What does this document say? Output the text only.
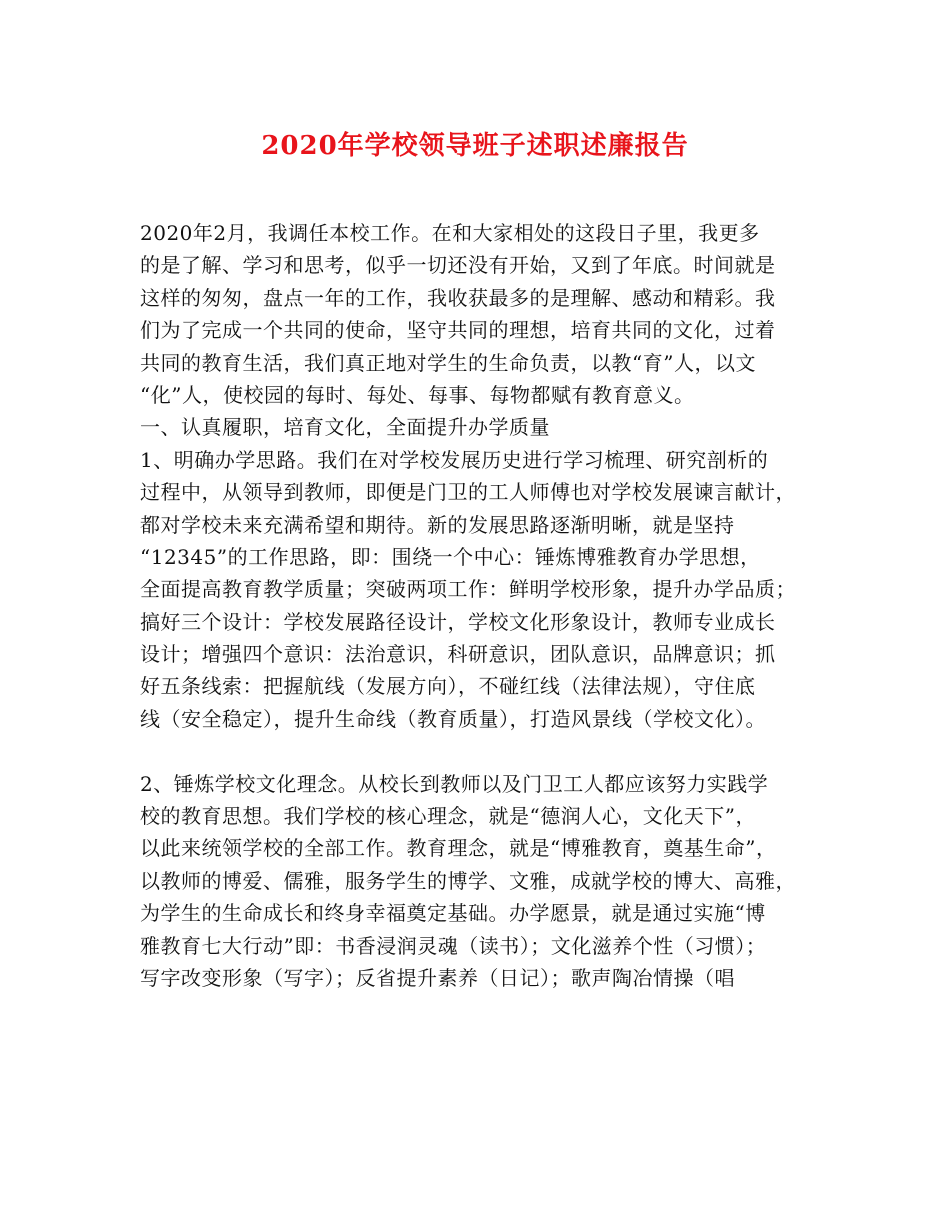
2020年学校领导班子述职述廉报告
2020年2月，我调任本校工作。在和大家相处的这段日子里，我更多
的是了解、学习和思考，似乎一切还没有开始，又到了年底。时间就是
这样的匆匆，盘点一年的工作，我收获最多的是理解、感动和精彩。我
们为了完成一个共同的使命，坚守共同的理想，培育共同的文化，过着
共同的教育生活，我们真正地对学生的生命负责，以教“育”人，以文
“化”人，使校园的每时、每处、每事、每物都赋有教育意义。
一、认真履职，培育文化，全面提升办学质量
1、明确办学思路。我们在对学校发展历史进行学习梳理、研究剖析的
过程中，从领导到教师，即便是门卫的工人师傅也对学校发展谏言献计，
都对学校未来充满希望和期待。新的发展思路逐渐明晰，就是坚持
“12345”的工作思路，即：围绕一个中心：锤炼博雅教育办学思想，
全面提高教育教学质量；突破两项工作：鲜明学校形象，提升办学品质；
搞好三个设计：学校发展路径设计，学校文化形象设计，教师专业成长
设计；增强四个意识：法治意识，科研意识，团队意识，品牌意识；抓
好五条线索：把握航线（发展方向），不碰红线（法律法规），守住底
线（安全稳定），提升生命线（教育质量），打造风景线（学校文化）。
2、锤炼学校文化理念。从校长到教师以及门卫工人都应该努力实践学
校的教育思想。我们学校的核心理念，就是“德润人心，文化天下”，
以此来统领学校的全部工作。教育理念，就是“博雅教育，奠基生命”，
以教师的博爱、儒雅，服务学生的博学、文雅，成就学校的博大、高雅，
为学生的生命成长和终身幸福奠定基础。办学愿景，就是通过实施“博
雅教育七大行动”即：书香浸润灵魂（读书）；文化滋养个性（习惯）；
写字改变形象（写字）；反省提升素养（日记）；歌声陶冶情操（唱
